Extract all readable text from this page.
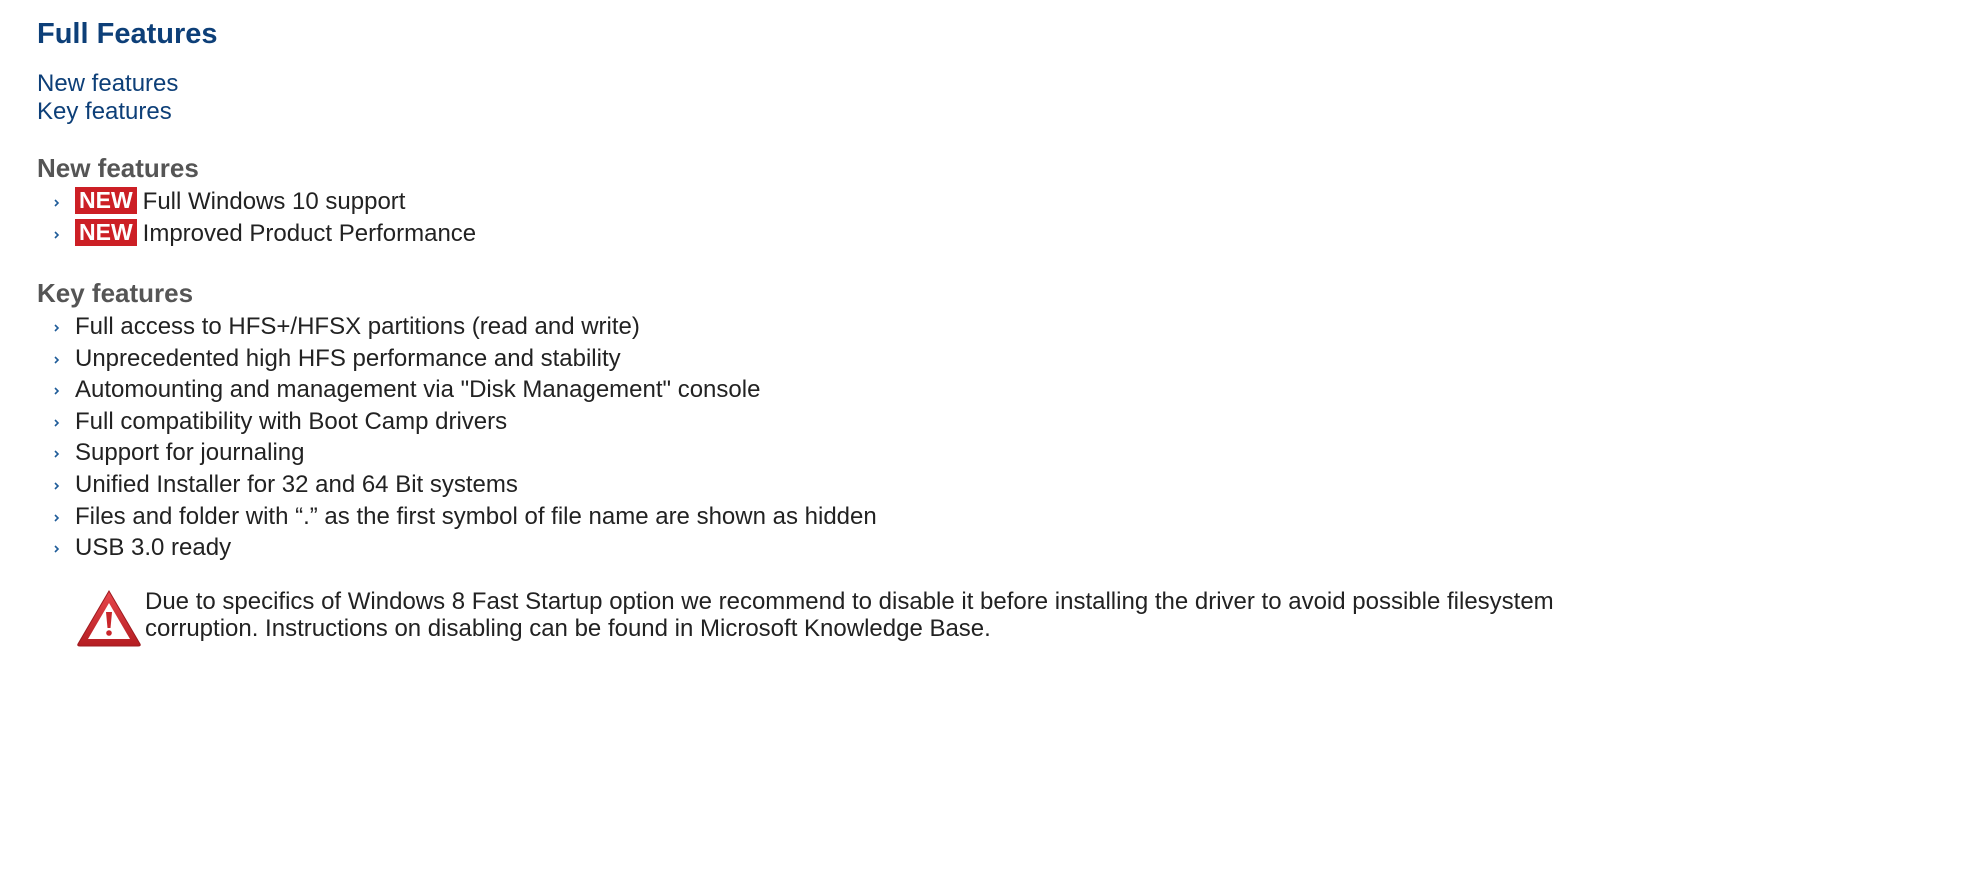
Full Features
New features
Key features
New features
NEW Full Windows 10 support
NEW Improved Product Performance
Key features
Full access to HFS+/HFSX partitions (read and write)
Unprecedented high HFS performance and stability
Automounting and management via "Disk Management" console
Full compatibility with Boot Camp drivers
Support for journaling
Unified Installer for 32 and 64 Bit systems
Files and folder with “.” as the first symbol of file name are shown as hidden
USB 3.0 ready
Due to specifics of Windows 8 Fast Startup option we recommend to disable it before installing the driver to avoid possible filesystem corruption. Instructions on disabling can be found in Microsoft Knowledge Base.
